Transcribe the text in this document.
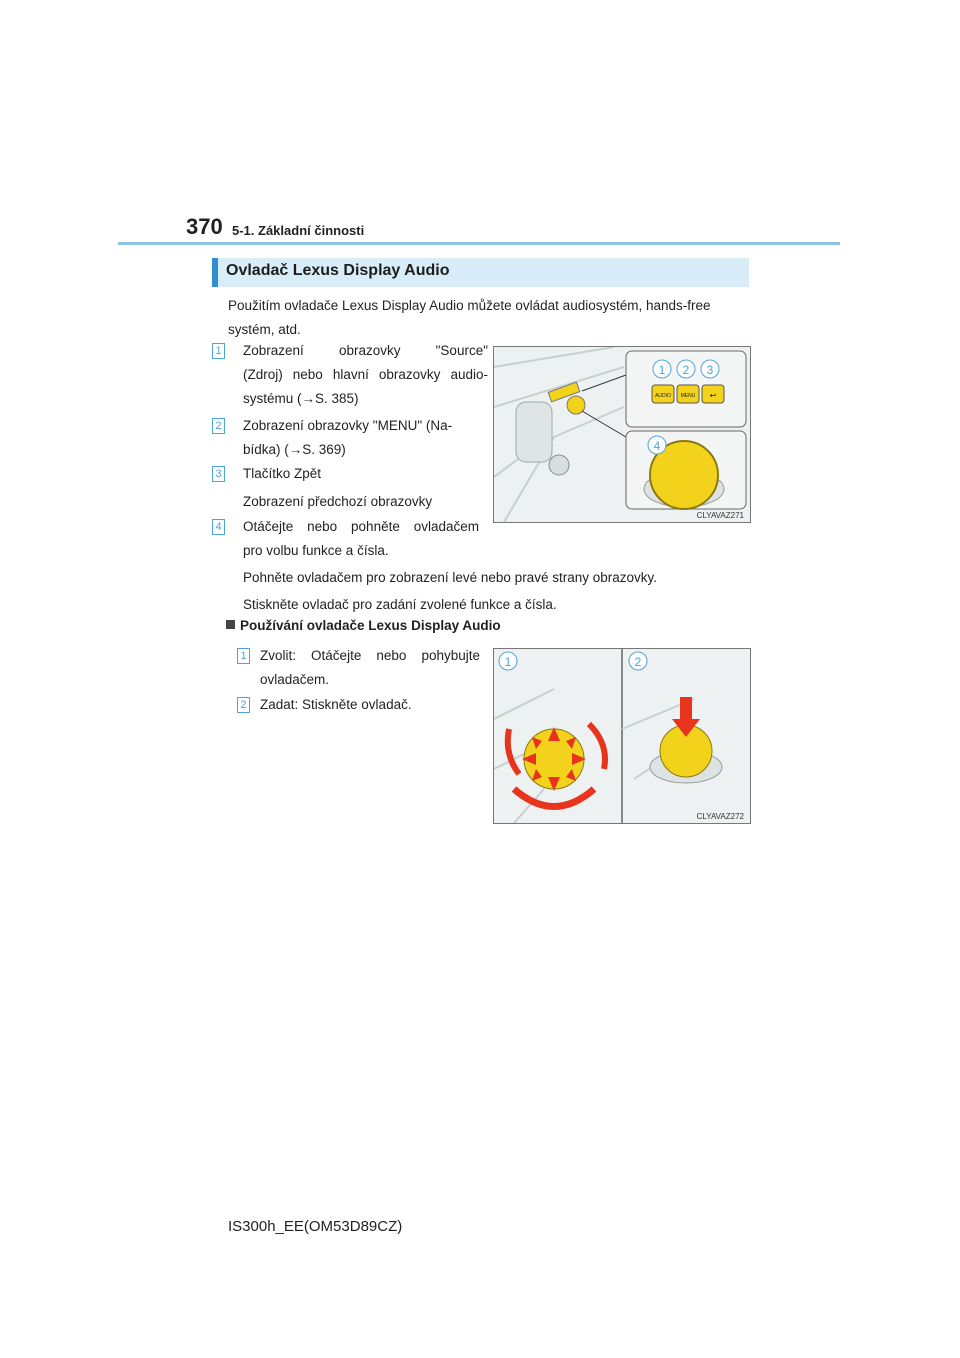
370 5-1. Základní činnosti
Ovladač Lexus Display Audio
Použitím ovladače Lexus Display Audio můžete ovládat audiosystém, hands-free systém, atd.
1 Zobrazení obrazovky "Source"
(Zdroj) nebo hlavní obrazovky audio-
systému (→S. 385)
2 Zobrazení obrazovky "MENU" (Na-
bídka) (→S. 369)
3 Tlačítko Zpět
Zobrazení předchozí obrazovky
4 Otáčejte nebo pohněte ovladačem
pro volbu funkce a čísla.
Pohněte ovladačem pro zobrazení levé nebo pravé strany obrazovky.
Stiskněte ovladač pro zadání zvolené funkce a čísla.
Používání ovladače Lexus Display Audio
1 Zvolit: Otáčejte nebo pohybujte
ovladačem.
2 Zadat: Stiskněte ovladač.
AUDIO MENU ↩
1 2 3
4
CLYAVAZ271
1	2
CLYAVAZ272
IS300h_EE(OM53D89CZ)
